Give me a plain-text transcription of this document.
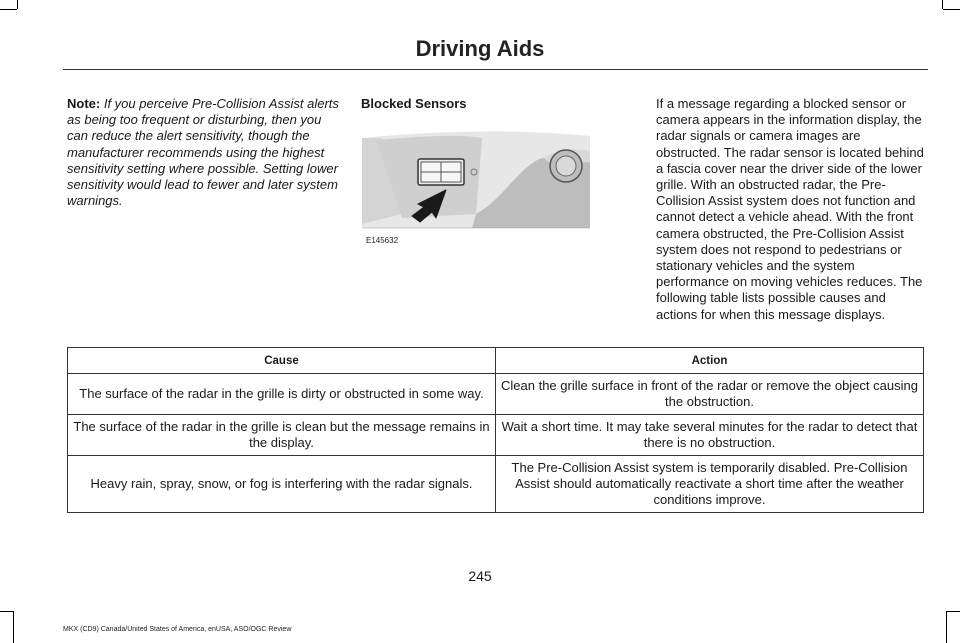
Driving Aids
Note: If you perceive Pre-Collision Assist alerts as being too frequent or disturbing, then you can reduce the alert sensitivity, though the manufacturer recommends using the highest sensitivity setting where possible. Setting lower sensitivity would lead to fewer and later system warnings.
Blocked Sensors
E145632
If a message regarding a blocked sensor or camera appears in the information display, the radar signals or camera images are obstructed. The radar sensor is located behind a fascia cover near the driver side of the lower grille. With an obstructed radar, the Pre-Collision Assist system does not function and cannot detect a vehicle ahead. With the front camera obstructed, the Pre-Collision Assist system does not respond to pedestrians or stationary vehicles and the system performance on moving vehicles reduces. The following table lists possible causes and actions for when this message displays.
Cause	Action
The surface of the radar in the grille is dirty or obstructed in some way.	Clean the grille surface in front of the radar or remove the object causing the obstruction.
The surface of the radar in the grille is clean but the message remains in the display.	Wait a short time. It may take several minutes for the radar to detect that there is no obstruction.
Heavy rain, spray, snow, or fog is interfering with the radar signals.	The Pre-Collision Assist system is temporarily disabled. Pre-Collision Assist should automatically reactivate a short time after the weather conditions improve.
245
MKX (CD9) Canada/United States of America, enUSA, ASO/OGC Review
